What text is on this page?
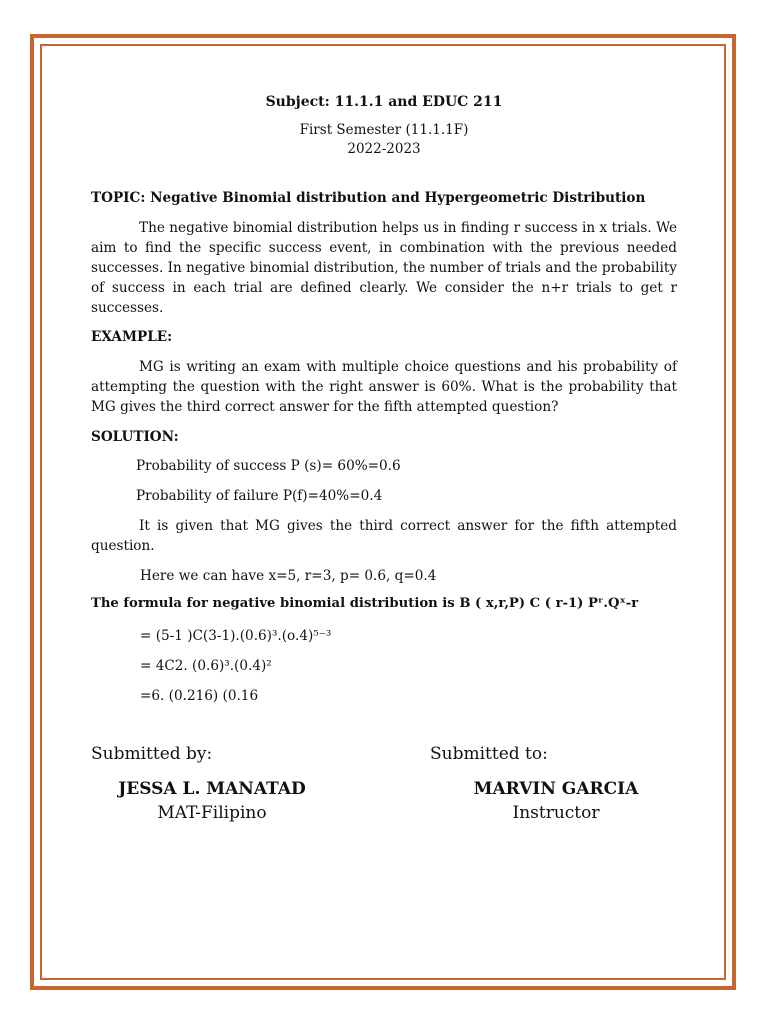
Subject: 11.1.1 and EDUC 211
First Semester (11.1.1F)
2022-2023
TOPIC: Negative Binomial distribution and Hypergeometric Distribution
The negative binomial distribution helps us in finding r success in x trials. We aim to find the specific success event, in combination with the previous needed successes. In negative binomial distribution, the number of trials and the probability of success in each trial are defined clearly. We consider the n+r trials to get r successes.
EXAMPLE:
MG is writing an exam with multiple choice questions and his probability of attempting the question with the right answer is 60%. What is the probability that MG gives the third correct answer for the fifth attempted question?
SOLUTION:
Probability of success P (s)= 60%=0.6
Probability of failure P(f)=40%=0.4
It is given that MG gives the third correct answer for the fifth attempted question.
Here we can have x=5, r=3, p= 0.6, q=0.4
The formula for negative binomial distribution is B ( x,r,P) C ( r-1) Pʳ.Qˣ-r
= (5-1 )C(3-1).(0.6)³.(o.4)⁵⁻³
= 4C2. (0.6)³.(0.4)²
=6. (0.216) (0.16
Submitted by:
JESSA L. MANATAD
MAT-Filipino
Submitted to:
MARVIN GARCIA
Instructor
